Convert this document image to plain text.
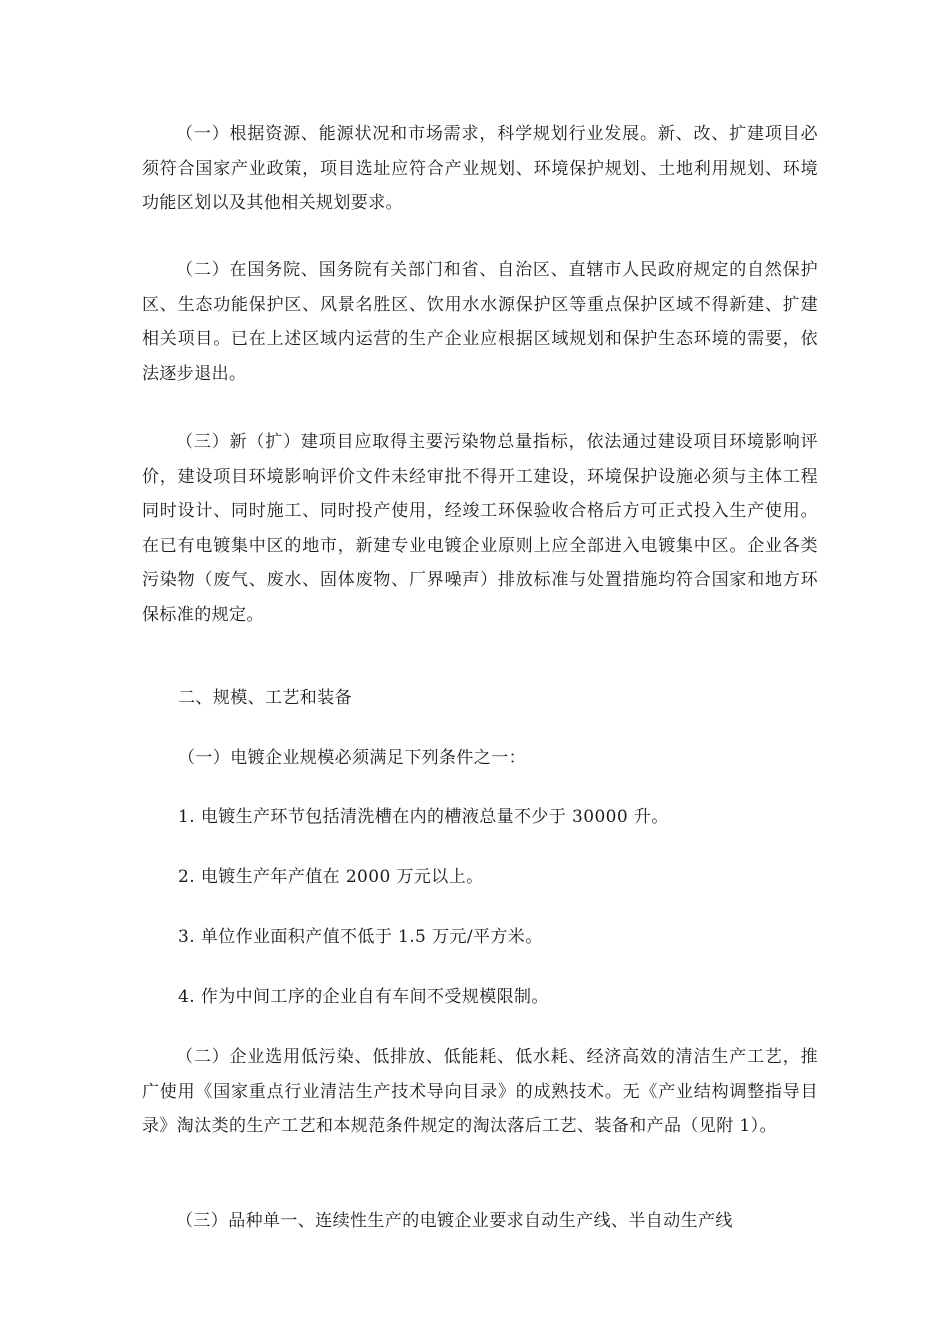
（一）根据资源、能源状况和市场需求，科学规划行业发展。新、改、扩建项目必须符合国家产业政策，项目选址应符合产业规划、环境保护规划、土地利用规划、环境功能区划以及其他相关规划要求。

（二）在国务院、国务院有关部门和省、自治区、直辖市人民政府规定的自然保护区、生态功能保护区、风景名胜区、饮用水水源保护区等重点保护区域不得新建、扩建相关项目。已在上述区域内运营的生产企业应根据区域规划和保护生态环境的需要，依法逐步退出。

（三）新（扩）建项目应取得主要污染物总量指标，依法通过建设项目环境影响评价，建设项目环境影响评价文件未经审批不得开工建设，环境保护设施必须与主体工程同时设计、同时施工、同时投产使用，经竣工环保验收合格后方可正式投入生产使用。在已有电镀集中区的地市，新建专业电镀企业原则上应全部进入电镀集中区。企业各类污染物（废气、废水、固体废物、厂界噪声）排放标准与处置措施均符合国家和地方环保标准的规定。

二、规模、工艺和装备

（一）电镀企业规模必须满足下列条件之一：

1. 电镀生产环节包括清洗槽在内的槽液总量不少于 30000 升。

2. 电镀生产年产值在 2000 万元以上。

3. 单位作业面积产值不低于 1.5 万元/平方米。

4. 作为中间工序的企业自有车间不受规模限制。

（二）企业选用低污染、低排放、低能耗、低水耗、经济高效的清洁生产工艺，推广使用《国家重点行业清洁生产技术导向目录》的成熟技术。无《产业结构调整指导目录》淘汰类的生产工艺和本规范条件规定的淘汰落后工艺、装备和产品（见附 1）。

（三）品种单一、连续性生产的电镀企业要求自动生产线、半自动生产线
